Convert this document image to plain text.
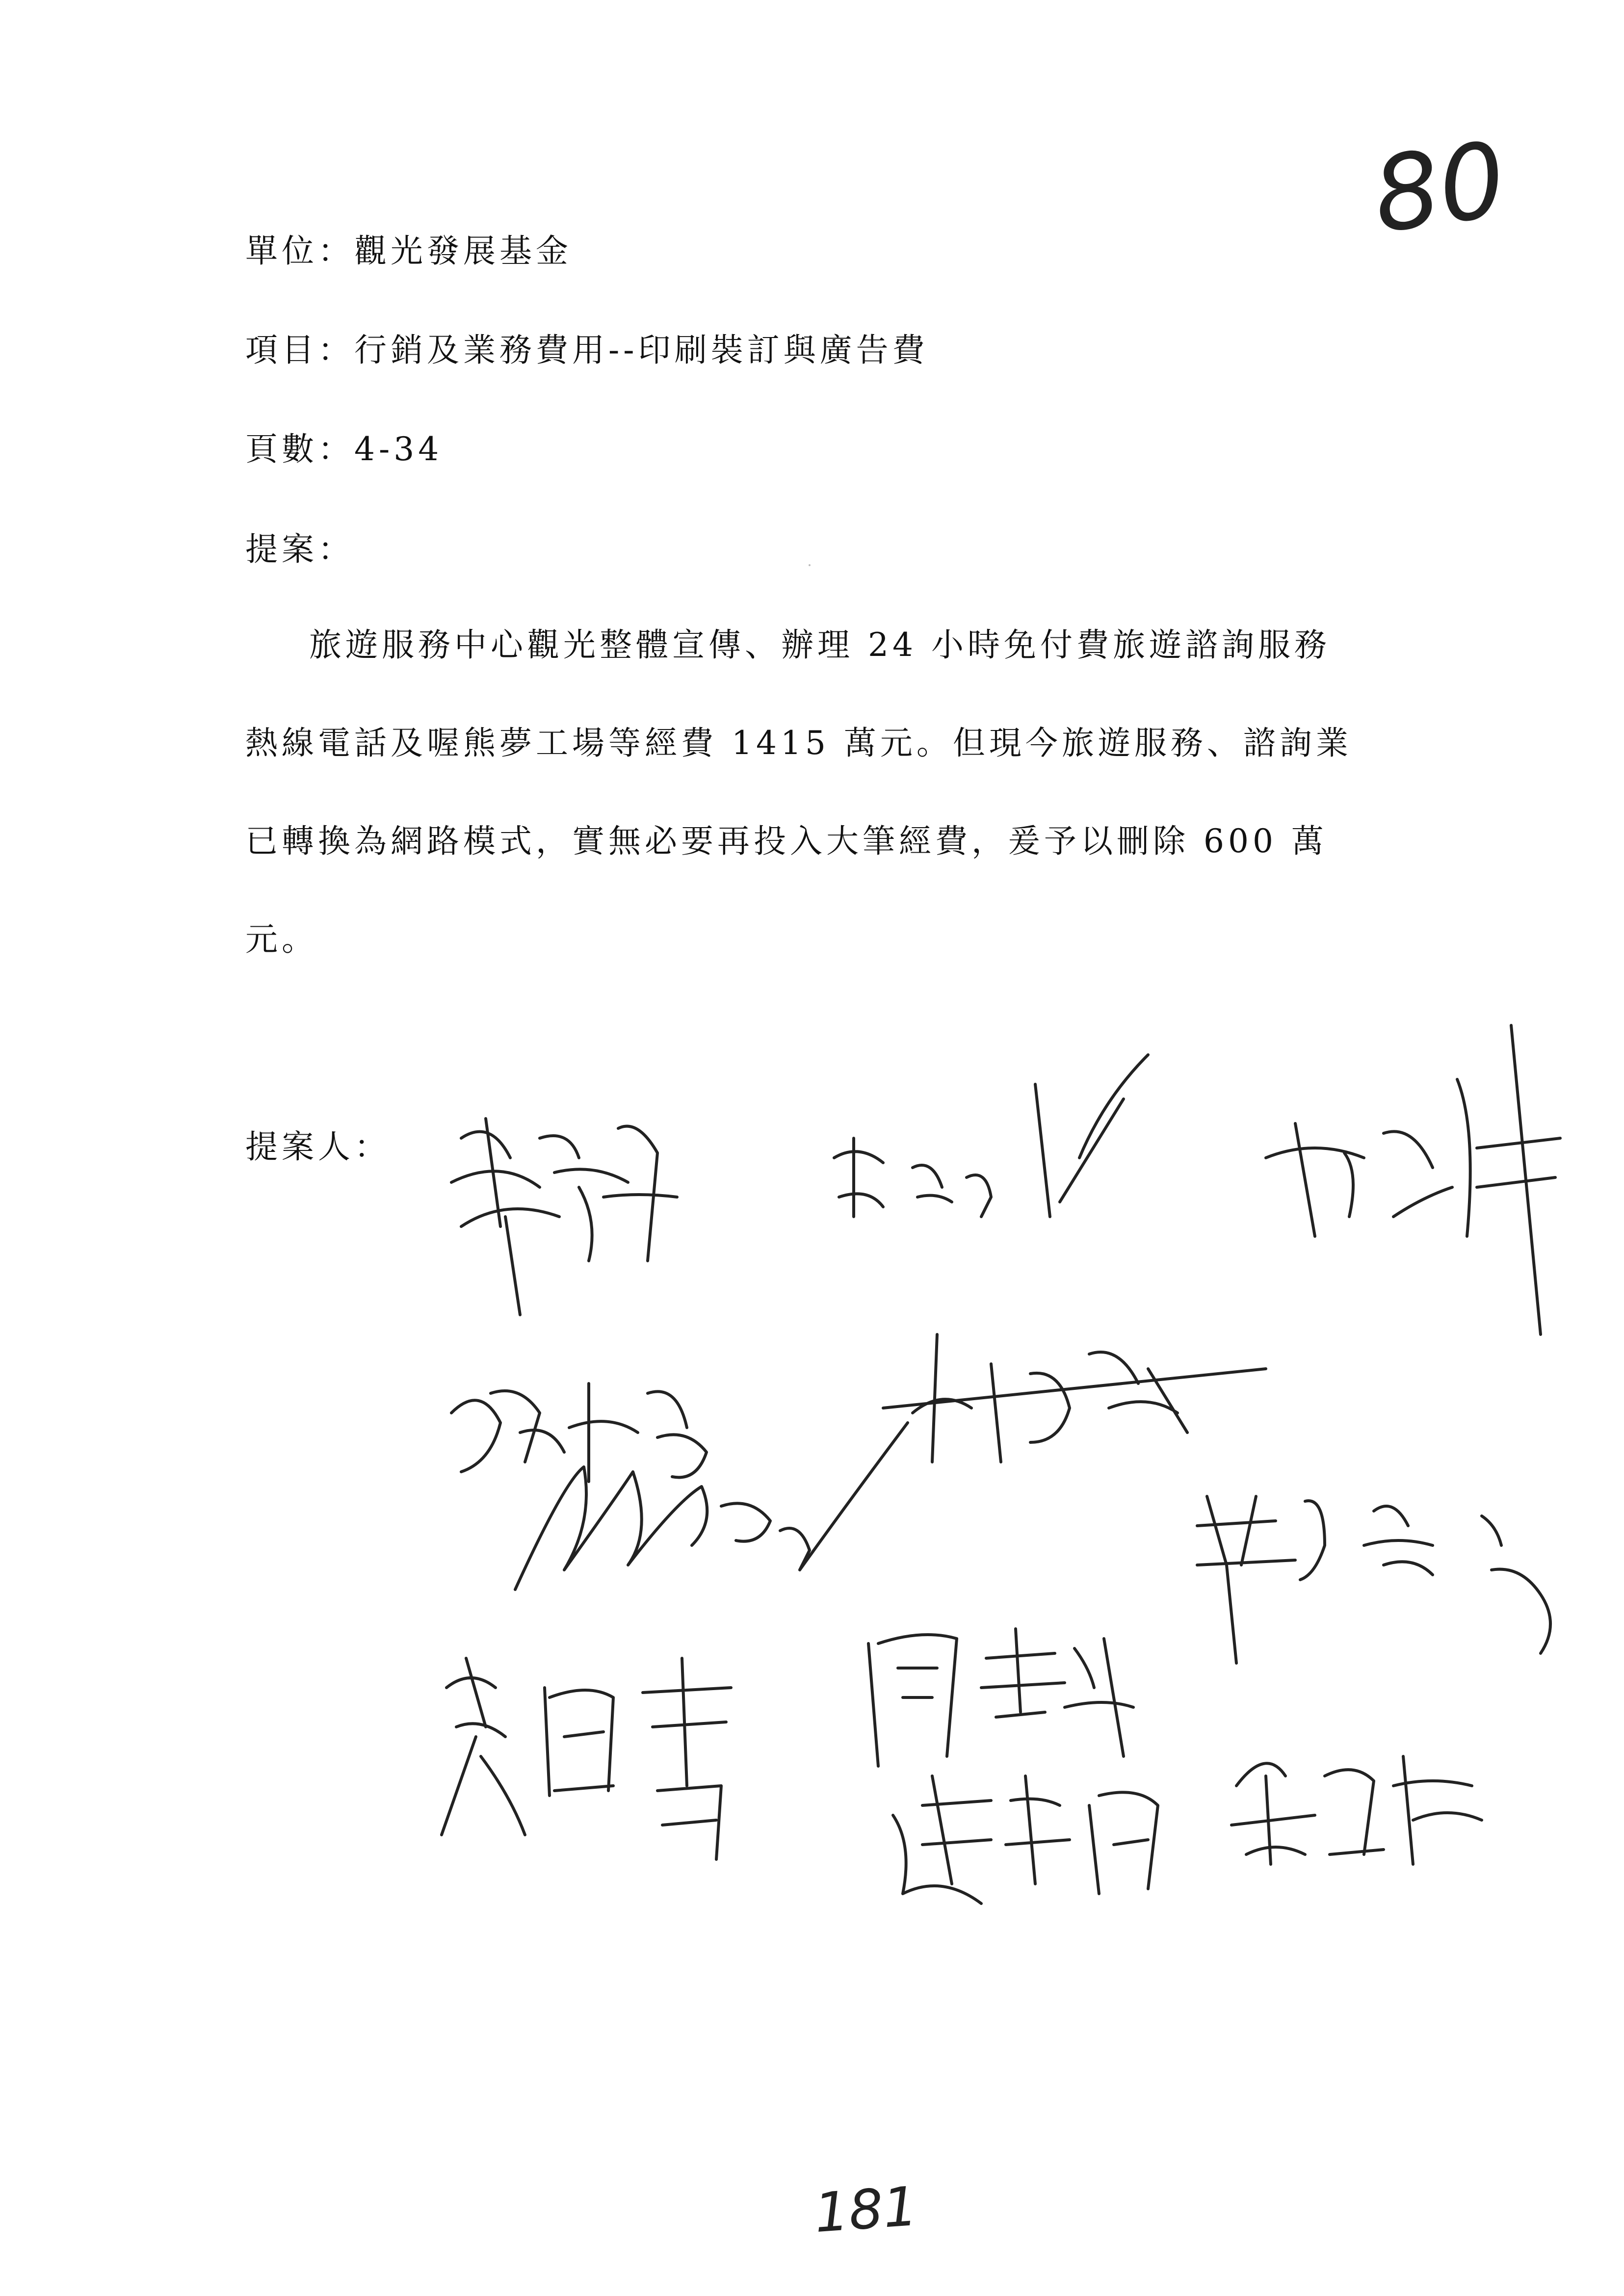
80
單位：觀光發展基金
項目：行銷及業務費用--印刷裝訂與廣告費
頁數：4-34
提案：
旅遊服務中心觀光整體宣傳、辦理 24 小時免付費旅遊諮詢服務
熱線電話及喔熊夢工場等經費 1415 萬元。但現今旅遊服務、諮詢業
已轉換為網路模式，實無必要再投入大筆經費，爰予以刪除 600 萬
元。
提案人：
181
